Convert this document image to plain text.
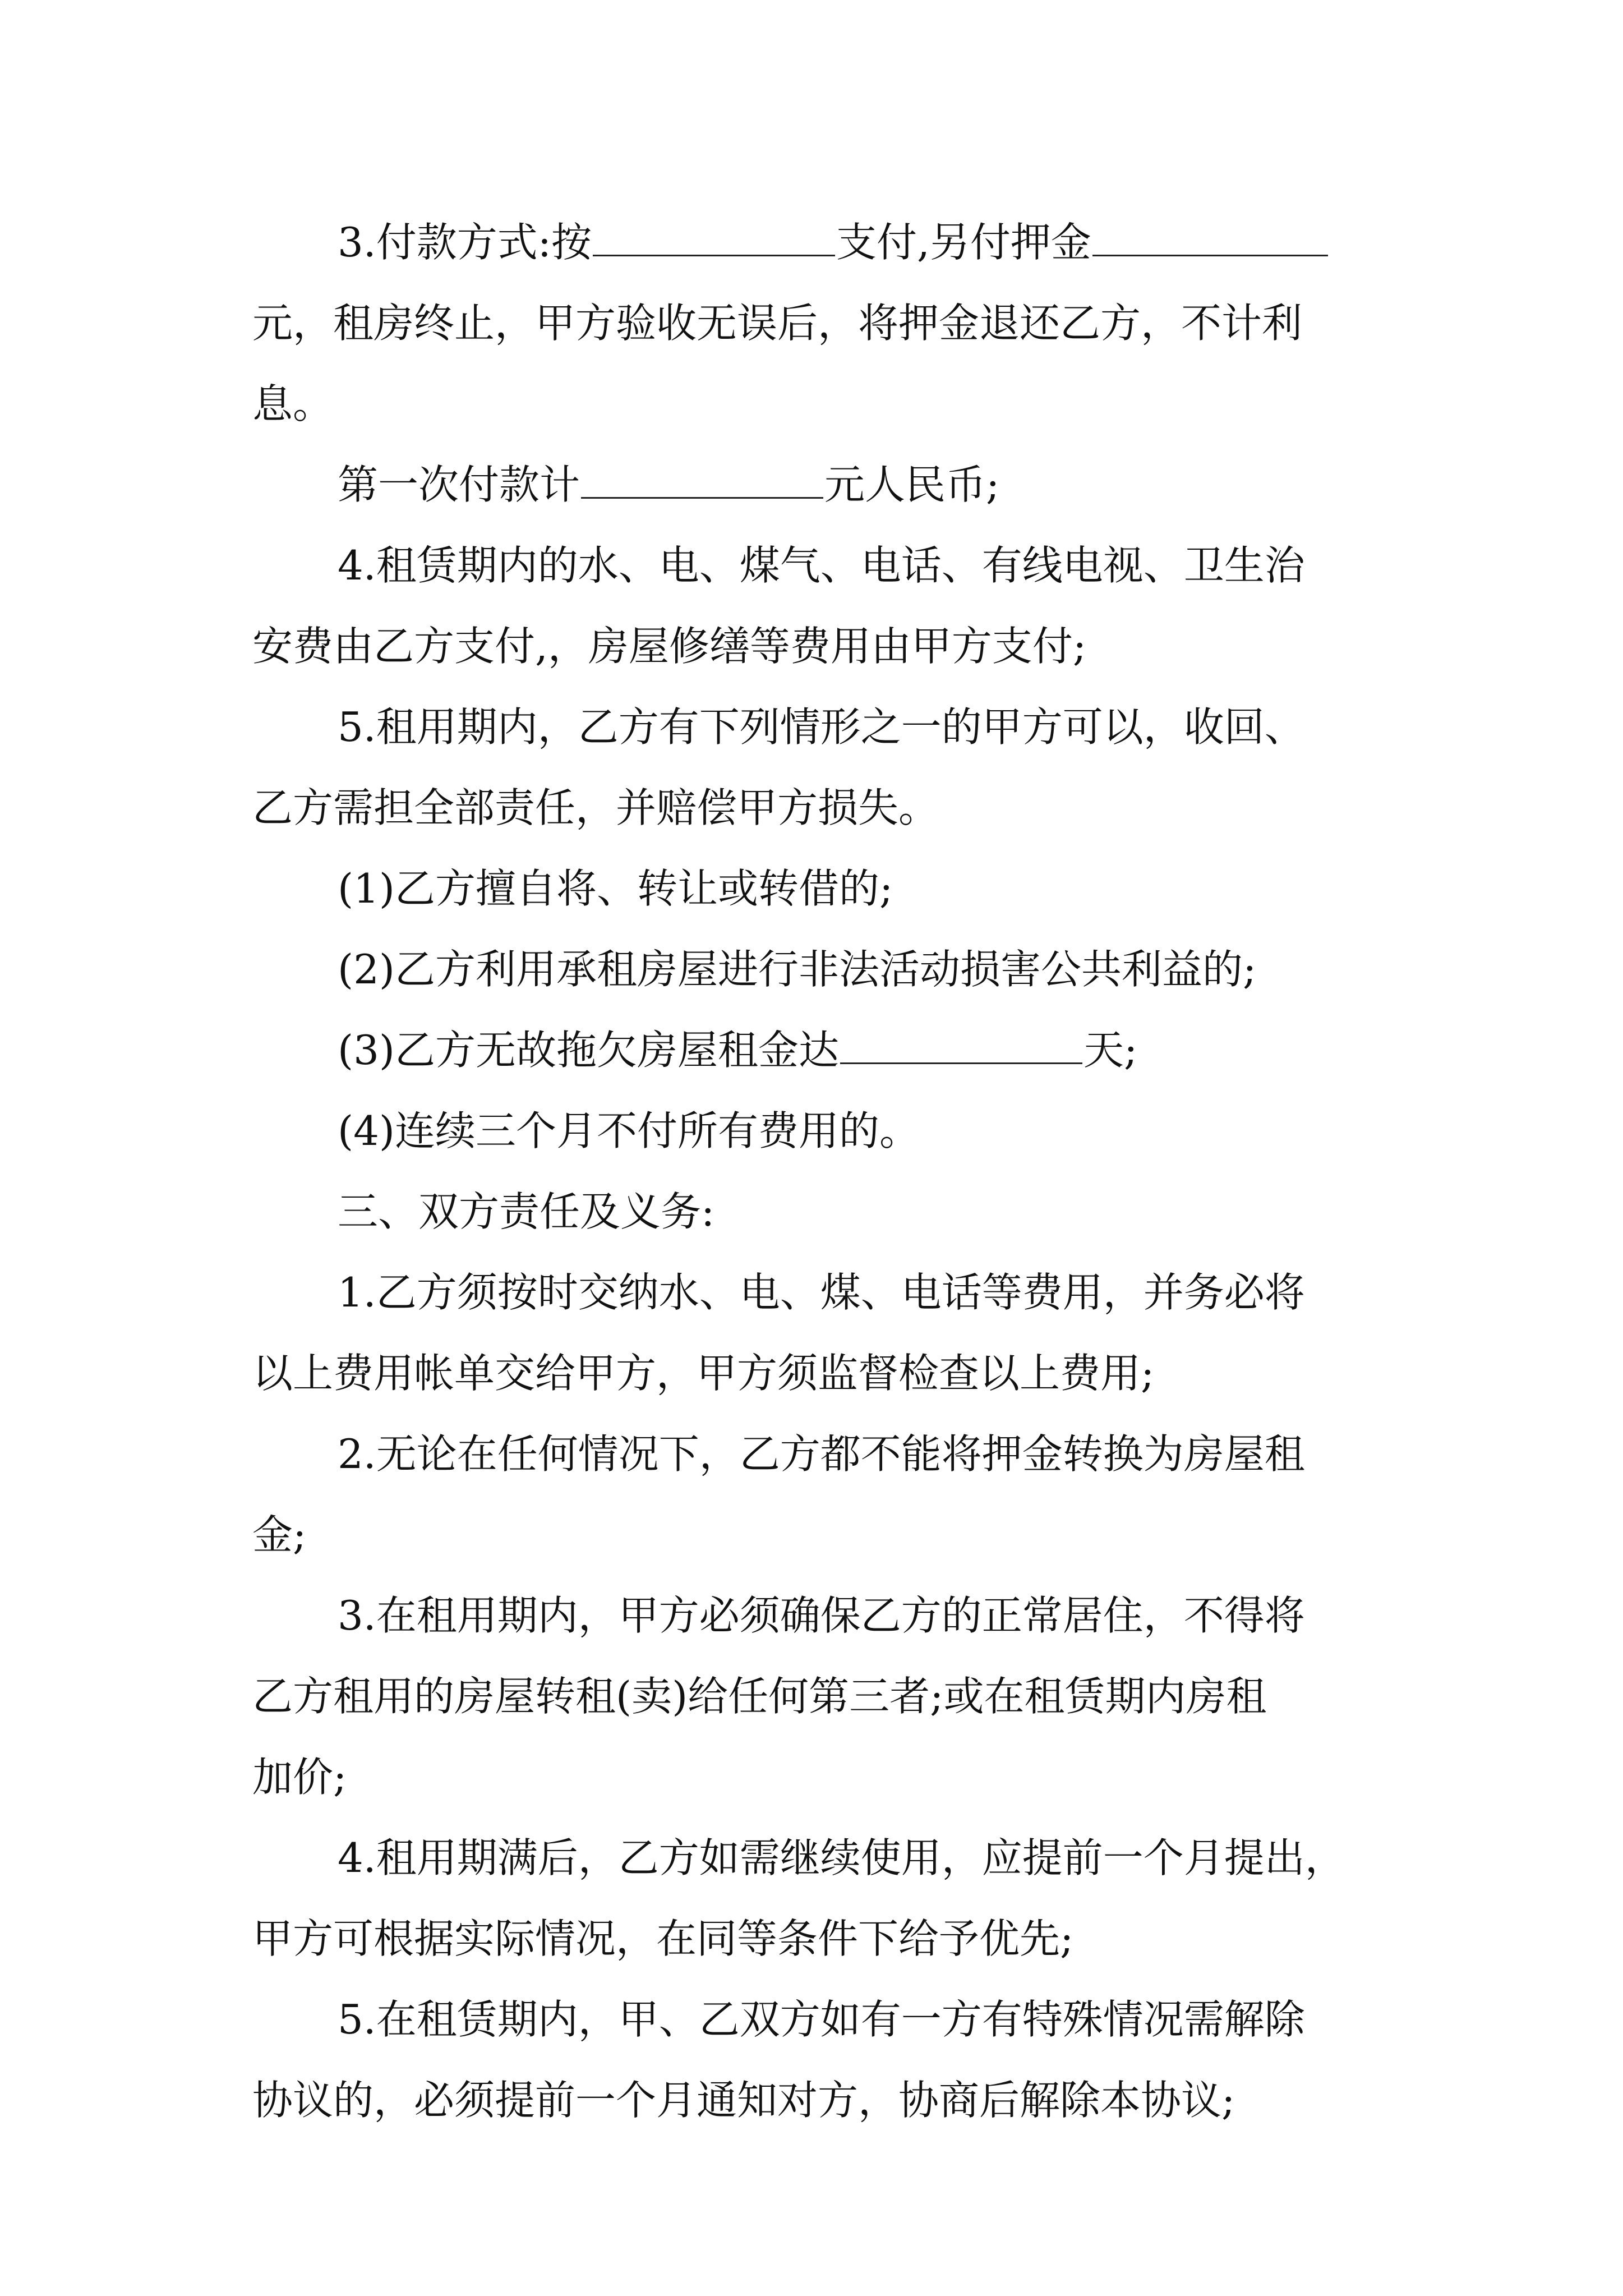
3.付款方式:按	支付,另付押金
元，租房终止，甲方验收无误后，将押金退还乙方，不计利
息。

第一次付款计	元人民币;

4.租赁期内的水、电、煤气、电话、有线电视、卫生治
安费由乙方支付,，房屋修缮等费用由甲方支付;

5.租用期内，乙方有下列情形之一的甲方可以，收回、
乙方需担全部责任，并赔偿甲方损失。

(1)乙方擅自将、转让或转借的;

(2)乙方利用承租房屋进行非法活动损害公共利益的;

(3)乙方无故拖欠房屋租金达	天;

(4)连续三个月不付所有费用的。

三、双方责任及义务:

1.乙方须按时交纳水、电、煤、电话等费用，并务必将
以上费用帐单交给甲方，甲方须监督检查以上费用;

2.无论在任何情况下，乙方都不能将押金转换为房屋租
金;

3.在租用期内，甲方必须确保乙方的正常居住，不得将
乙方租用的房屋转租(卖)给任何第三者;或在租赁期内房租
加价;

4.租用期满后，乙方如需继续使用，应提前一个月提出，
甲方可根据实际情况，在同等条件下给予优先;

5.在租赁期内，甲、乙双方如有一方有特殊情况需解除
协议的，必须提前一个月通知对方，协商后解除本协议;
